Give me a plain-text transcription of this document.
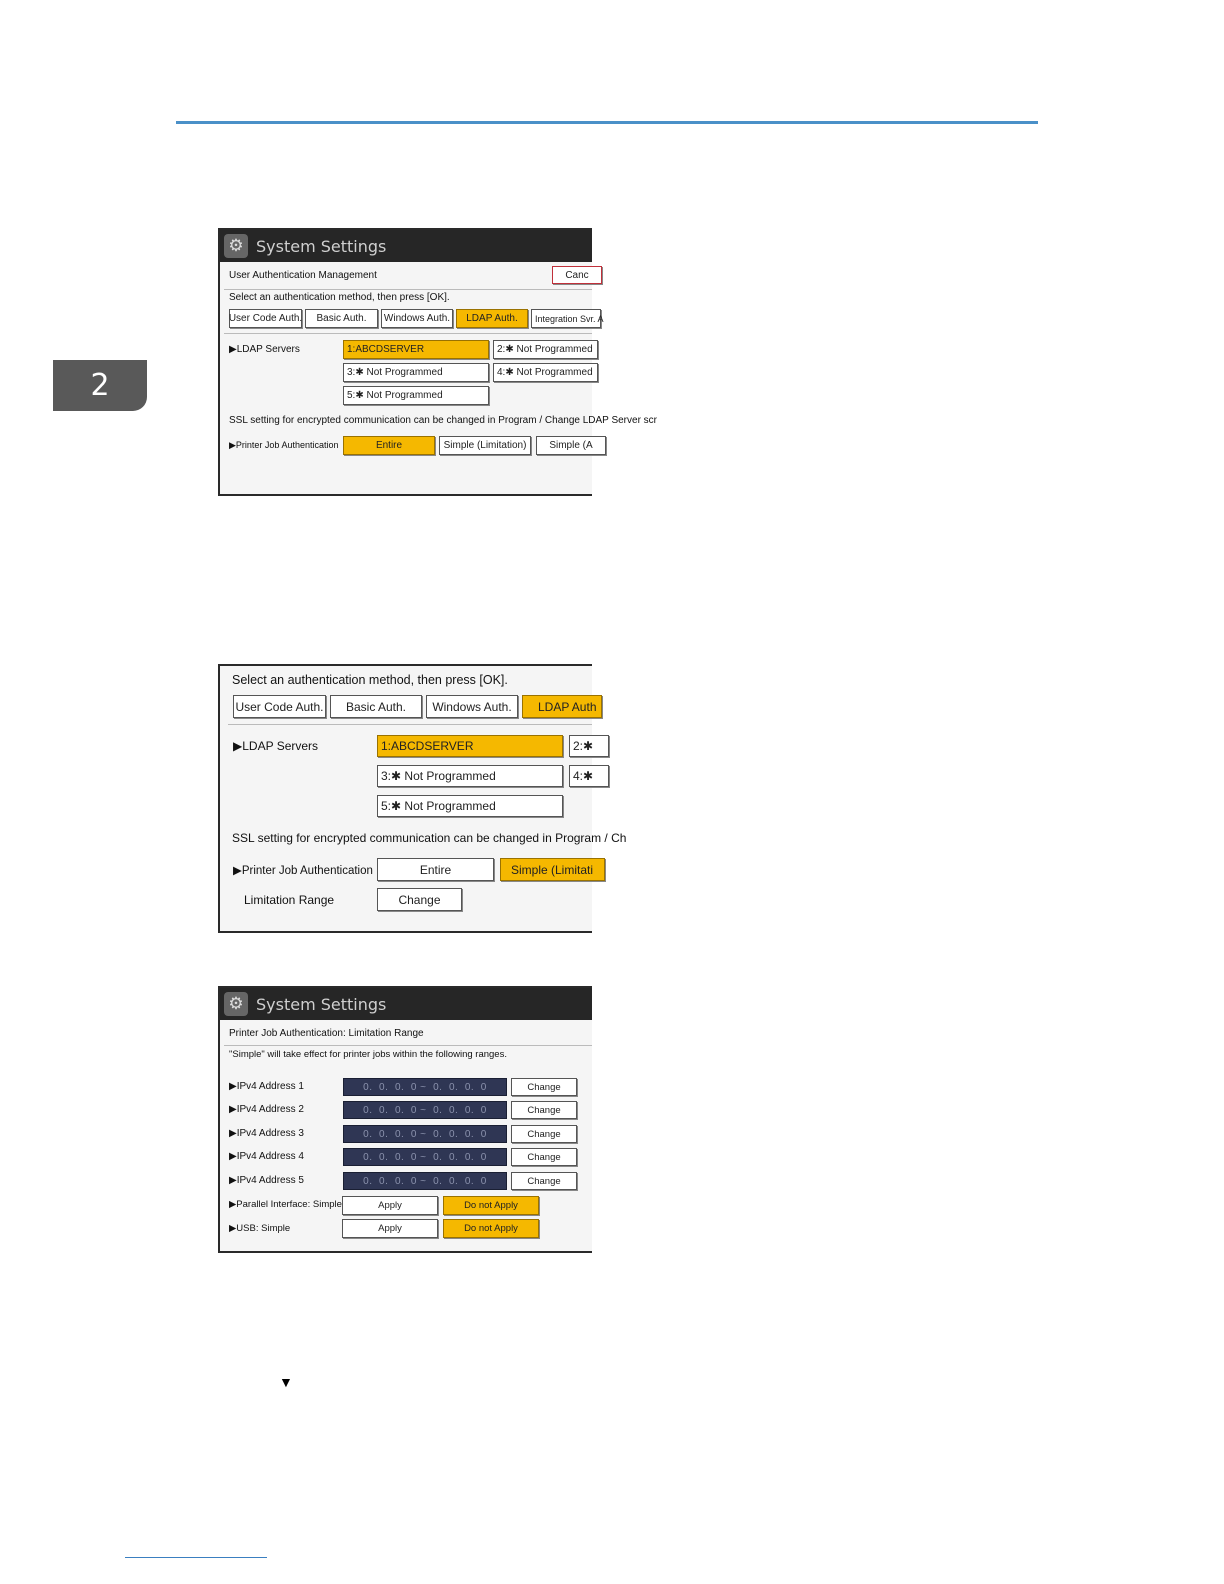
2
⚙ System Settings
User Authentication Management	Canc
Select an authentication method, then press [OK].
User Code Auth.	Basic Auth.	Windows Auth.	LDAP Auth.	Integration Svr. A
▶LDAP Servers	1:ABCDSERVER	2:✱ Not Programmed
3:✱ Not Programmed	4:✱ Not Programmed
5:✱ Not Programmed
SSL setting for encrypted communication can be changed in Program / Change LDAP Server scr
▶Printer Job Authentication	Entire	Simple (Limitation)	Simple (A
Select an authentication method, then press [OK].
User Code Auth.	Basic Auth.	Windows Auth.	LDAP Auth
▶LDAP Servers	1:ABCDSERVER	2:✱
3:✱ Not Programmed	4:✱
5:✱ Not Programmed
SSL setting for encrypted communication can be changed in Program / Ch
▶Printer Job Authentication	Entire	Simple (Limitati
Limitation Range	Change
⚙ System Settings
Printer Job Authentication: Limitation Range
"Simple" will take effect for printer jobs within the following ranges.
▶IPv4 Address 1	0.  0.  0.  0 ~  0.  0.  0.  0	Change
▶IPv4 Address 2	0.  0.  0.  0 ~  0.  0.  0.  0	Change
▶IPv4 Address 3	0.  0.  0.  0 ~  0.  0.  0.  0	Change
▶IPv4 Address 4	0.  0.  0.  0 ~  0.  0.  0.  0	Change
▶IPv4 Address 5	0.  0.  0.  0 ~  0.  0.  0.  0	Change
▶Parallel Interface: Simple	Apply	Do not Apply
▶USB: Simple	Apply	Do not Apply
▼
